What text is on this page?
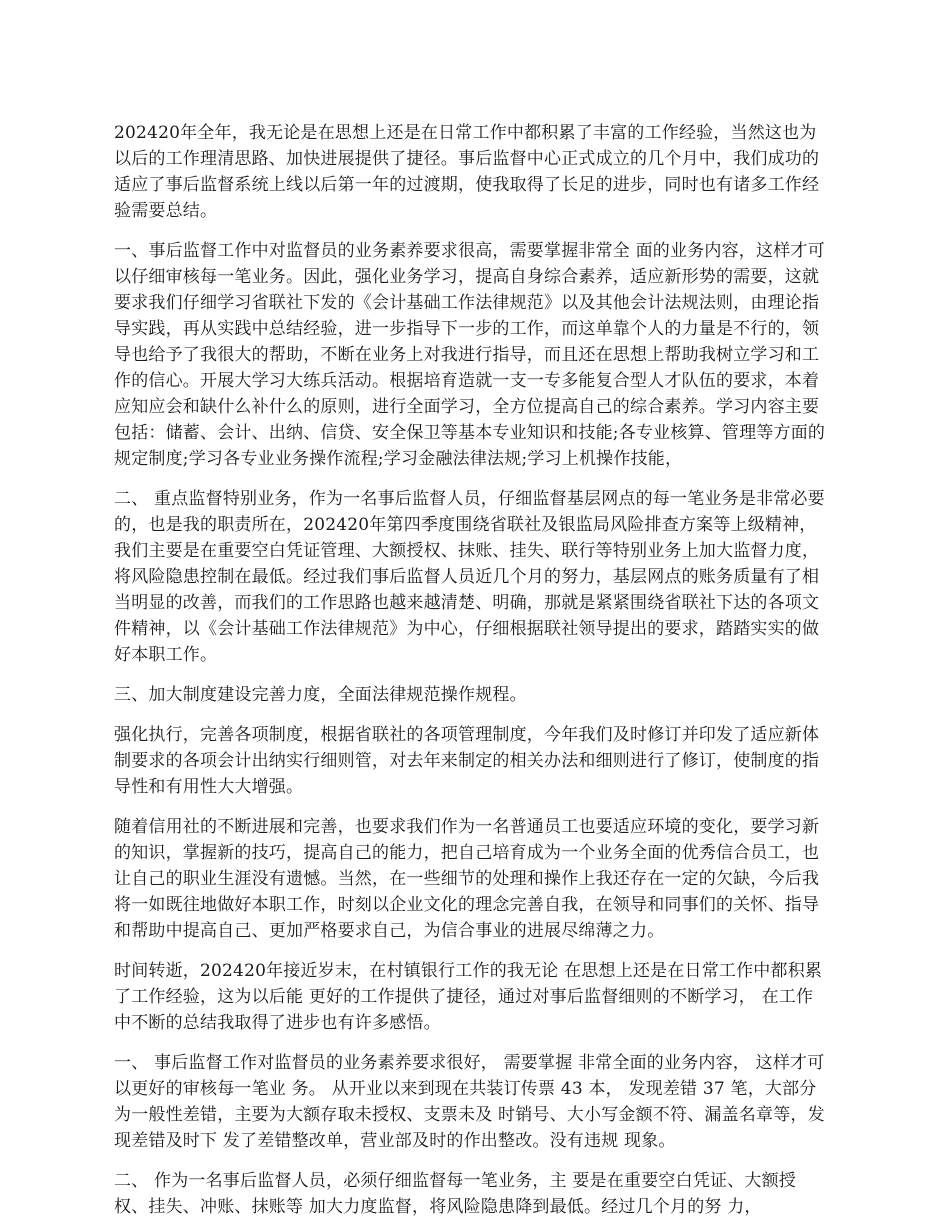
202420年全年，我无论是在思想上还是在日常工作中都积累了丰富的工作经验，当然这也为以后的工作理清思路、加快进展提供了捷径。事后监督中心正式成立的几个月中，我们成功的适应了事后监督系统上线以后第一年的过渡期，使我取得了长足的进步，同时也有诸多工作经验需要总结。

一、事后监督工作中对监督员的业务素养要求很高，需要掌握非常全 面的业务内容，这样才可以仔细审核每一笔业务。因此，强化业务学习，提高自身综合素养，适应新形势的需要，这就要求我们仔细学习省联社下发的《会计基础工作法律规范》以及其他会计法规法则，由理论指导实践，再从实践中总结经验，进一步指导下一步的工作，而这单靠个人的力量是不行的，领导也给予了我很大的帮助，不断在业务上对我进行指导，而且还在思想上帮助我树立学习和工作的信心。开展大学习大练兵活动。根据培育造就一支一专多能复合型人才队伍的要求，本着应知应会和缺什么补什么的原则，进行全面学习，全方位提高自己的综合素养。学习内容主要包括：储蓄、会计、出纳、信贷、安全保卫等基本专业知识和技能;各专业核算、管理等方面的规定制度;学习各专业业务操作流程;学习金融法律法规;学习上机操作技能，

二、 重点监督特别业务，作为一名事后监督人员，仔细监督基层网点的每一笔业务是非常必要的，也是我的职责所在，202420年第四季度围绕省联社及银监局风险排查方案等上级精神，我们主要是在重要空白凭证管理、大额授权、抹账、挂失、联行等特别业务上加大监督力度，将风险隐患控制在最低。经过我们事后监督人员近几个月的努力，基层网点的账务质量有了相当明显的改善，而我们的工作思路也越来越清楚、明确，那就是紧紧围绕省联社下达的各项文件精神，以《会计基础工作法律规范》为中心，仔细根据联社领导提出的要求，踏踏实实的做好本职工作。

三、加大制度建设完善力度，全面法律规范操作规程。

强化执行，完善各项制度，根据省联社的各项管理制度，今年我们及时修订并印发了适应新体制要求的各项会计出纳实行细则管，对去年来制定的相关办法和细则进行了修订，使制度的指导性和有用性大大增强。

随着信用社的不断进展和完善，也要求我们作为一名普通员工也要适应环境的变化，要学习新的知识，掌握新的技巧，提高自己的能力，把自己培育成为一个业务全面的优秀信合员工，也让自己的职业生涯没有遗憾。当然，在一些细节的处理和操作上我还存在一定的欠缺，今后我将一如既往地做好本职工作，时刻以企业文化的理念完善自我，在领导和同事们的关怀、指导和帮助中提高自己、更加严格要求自己，为信合事业的进展尽绵薄之力。

时间转逝，202420年接近岁末，在村镇银行工作的我无论 在思想上还是在日常工作中都积累了工作经验，这为以后能 更好的工作提供了捷径，通过对事后监督细则的不断学习， 在工作中不断的总结我取得了进步也有许多感悟。

一、 事后监督工作对监督员的业务素养要求很好， 需要掌握 非常全面的业务内容， 这样才可以更好的审核每一笔业 务。 从开业以来到现在共装订传票 43 本， 发现差错 37 笔，大部分为一般性差错，主要为大额存取未授权、支票未及 时销号、大小写金额不符、漏盖名章等，发现差错及时下 发了差错整改单，营业部及时的作出整改。没有违规 现象。

二、 作为一名事后监督人员，必须仔细监督每一笔业务，主 要是在重要空白凭证、大额授权、挂失、冲账、抹账等 加大力度监督，将风险隐患降到最低。经过几个月的努 力，
